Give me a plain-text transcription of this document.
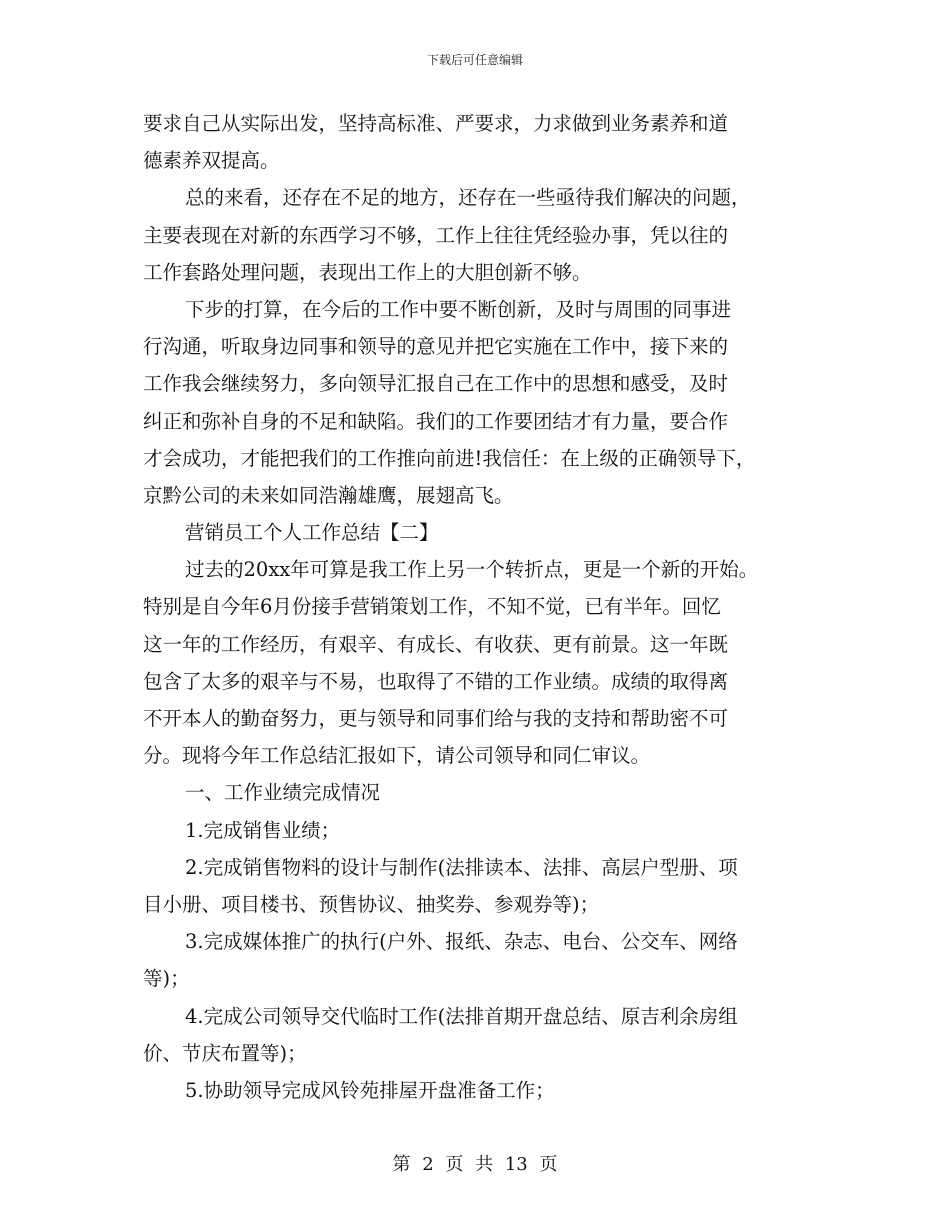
下载后可任意编辑
要求自己从实际出发，坚持高标准、严要求，力求做到业务素养和道
德素养双提高。
总的来看，还存在不足的地方，还存在一些亟待我们解决的问题，
主要表现在对新的东西学习不够，工作上往往凭经验办事，凭以往的
工作套路处理问题，表现出工作上的大胆创新不够。
下步的打算，在今后的工作中要不断创新，及时与周围的同事进
行沟通，听取身边同事和领导的意见并把它实施在工作中，接下来的
工作我会继续努力，多向领导汇报自己在工作中的思想和感受，及时
纠正和弥补自身的不足和缺陷。我们的工作要团结才有力量，要合作
才会成功，才能把我们的工作推向前进!我信任：在上级的正确领导下，
京黔公司的未来如同浩瀚雄鹰，展翅高飞。
营销员工个人工作总结【二】
过去的20xx年可算是我工作上另一个转折点，更是一个新的开始。
特别是自今年6月份接手营销策划工作，不知不觉，已有半年。回忆
这一年的工作经历，有艰辛、有成长、有收获、更有前景。这一年既
包含了太多的艰辛与不易，也取得了不错的工作业绩。成绩的取得离
不开本人的勤奋努力，更与领导和同事们给与我的支持和帮助密不可
分。现将今年工作总结汇报如下，请公司领导和同仁审议。
一、工作业绩完成情况
1.完成销售业绩；
2.完成销售物料的设计与制作(法排读本、法排、高层户型册、项
目小册、项目楼书、预售协议、抽奖券、参观券等)；
3.完成媒体推广的执行(户外、报纸、杂志、电台、公交车、网络
等)；
4.完成公司领导交代临时工作(法排首期开盘总结、原吉利余房组
价、节庆布置等)；
5.协助领导完成风铃苑排屋开盘准备工作；
第 2 页 共 13 页
